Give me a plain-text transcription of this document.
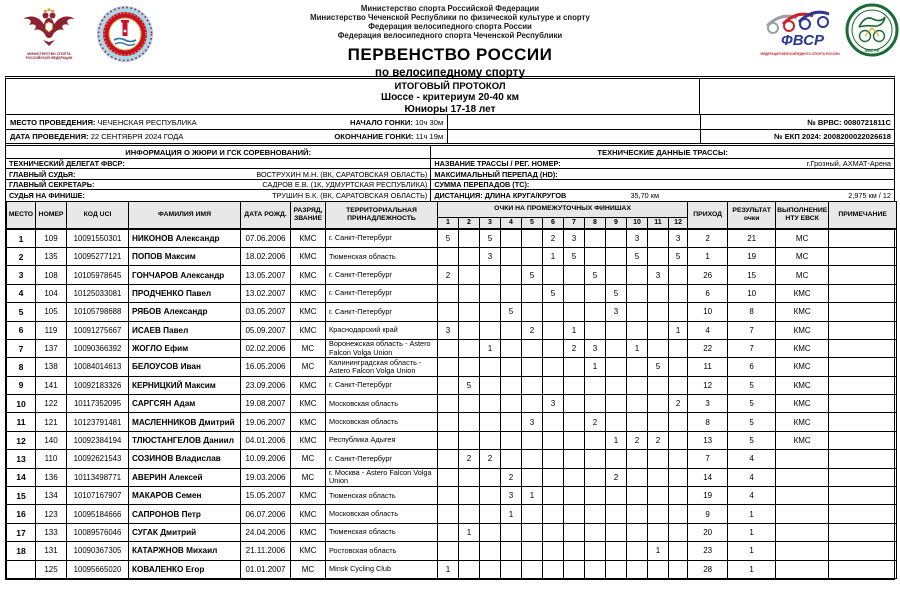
МИНИСТЕРСТВО СПОРТА
РОССИЙСКОЙ ФЕДЕРАЦИИ
Министерство спорта Российской Федерации
Министерство Чеченской Республики по физической культуре и спорту
Федерация велосипедного спорта России
Федерация велосипедного спорта Чеченской Республики
ПЕРВЕНСТВО РОССИИ
по велосипедному спорту
ФВСР
ФЕДЕРАЦИЯ ВЕЛОСИПЕДНОГО СПОРТА РОССИИ
ФВСЧР
ИТОГОВЫЙ ПРОТОКОЛ
Шоссе - критериум 20-40 км
Юниоры 17-18 лет
МЕСТО ПРОВЕДЕНИЯ: ЧЕЧЕНСКАЯ РЕСПУБЛИКА	НАЧАЛО ГОНКИ: 10ч 30м	№ ВРВС: 0080721811С
ДАТА ПРОВЕДЕНИЯ: 22 СЕНТЯБРЯ 2024 ГОДА	ОКОНЧАНИЕ ГОНКИ: 11ч 19м	№ ЕКП 2024: 2008200022026618
ИНФОРМАЦИЯ О ЖЮРИ И ГСК СОРЕВНОВАНИЙ:
ТЕХНИЧЕСКИЙ ДЕЛЕГАТ ФВСР:
ГЛАВНЫЙ СУДЬЯ:	ВОСТРУХИН М.Н. (ВК, САРАТОВСКАЯ ОБЛАСТЬ)
ГЛАВНЫЙ СЕКРЕТАРЬ:	САДРОВ Е.В. (1К, УДМУРТСКАЯ РЕСПУБЛИКА)
СУДЬЯ НА ФИНИШЕ:	ТРУШИН Б.К. (ВК, САРАТОВСКАЯ ОБЛАСТЬ)
ТЕХНИЧЕСКИЕ ДАННЫЕ ТРАССЫ:
НАЗВАНИЕ ТРАССЫ / РЕГ. НОМЕР:	г.Грозный, АХМАТ-Арена
МАКСИМАЛЬНЫЙ ПЕРЕПАД (HD):
СУММА ПЕРЕПАДОВ (ТС):
ДИСТАНЦИЯ: ДЛИНА КРУГА/КРУГОВ	35,70 км	2,975 км / 12
МЕСТО	НОМЕР	КОД UCI	ФАМИЛИЯ ИМЯ	ДАТА РОЖД.	РАЗРЯД, ЗВАНИЕ	ТЕРРИТОРИАЛЬНАЯ ПРИНАДЛЕЖНОСТЬ	ОЧКИ НА ПРОМЕЖУТОЧНЫХ ФИНИШАХ												ПРИХОД	РЕЗУЛЬТАТ очки	ВЫПОЛНЕНИЕ НТУ ЕВСК	ПРИМЕЧАНИЕ
							1	2	3	4	5	6	7	8	9	10	11	12				
1	109	10091550301	НИКОНОВ Александр	07.06.2006	КМС	г. Санкт-Петербург	5		5			2	3			3		3	2	21	МС	
2	135	10095277121	ПОПОВ Максим	18.02.2006	КМС	Тюменская область			3			1	5			5		5	1	19	МС	
3	108	10105978645	ГОНЧАРОВ Александр	13.05.2007	КМС	г. Санкт-Петербург	2				5			5			3		26	15	МС	
4	104	10125033081	ПРОДЧЕНКО Павел	13.02.2007	КМС	г. Санкт-Петербург						5			5				6	10	КМС	
5	105	10105798688	РЯБОВ Александр	03.05.2007	КМС	г. Санкт-Петербург				5					3				10	8	КМС	
6	119	10091275667	ИСАЕВ Павел	05.09.2007	КМС	Краснодарский край	3				2		1					1	4	7	КМС	
7	137	10090366392	ЖОГЛО Ефим	02.02.2006	МС	Воронежская область - Astero Falcon Volga Union			1				2	3		1			22	7	КМС	
8	138	10084014613	БЕЛОУСОВ Иван	16.05.2006	МС	Калининградская область - Astero Falcon Volga Union								1			5		11	6	КМС	
9	141	10092183326	КЕРНИЦКИЙ Максим	23.09.2006	КМС	г. Санкт-Петербург		5											12	5	КМС	
10	122	10117352095	САРГСЯН Адам	19.08.2007	КМС	Московская область						3						2	3	5	КМС	
11	121	10123791481	МАСЛЕННИКОВ Дмитрий	19.06.2007	КМС	Московская область					3			2					8	5	КМС	
12	140	10092384194	ТЛЮСТАНГЕЛОВ Даниил	04.01.2006	КМС	Республика Адыгея									1	2	2		13	5	КМС	
13	110	10092621543	СОЗИНОВ Владислав	10.09.2006	МС	г. Санкт-Петербург		2	2										7	4		
14	136	10113498771	АВЕРИН Алексей	19.03.2006	МС	г. Москва - Astero Falcon Volga Union				2					2				14	4		
15	134	10107167907	МАКАРОВ Семен	15.05.2007	КМС	Тюменская область				3	1								19	4		
16	123	10095184666	САПРОНОВ Петр	06.07.2006	КМС	Московская область				1									9	1		
17	133	10089576046	СУГАК Дмитрий	24.04.2006	КМС	Тюменская область		1											20	1		
18	131	10090367305	КАТАРЖНОВ Михаил	21.11.2006	КМС	Ростовская область											1		23	1		
	125	10095665020	КОВАЛЕНКО Егор	01.01.2007	МС	Minsk Cycling Club	1												28	1		
